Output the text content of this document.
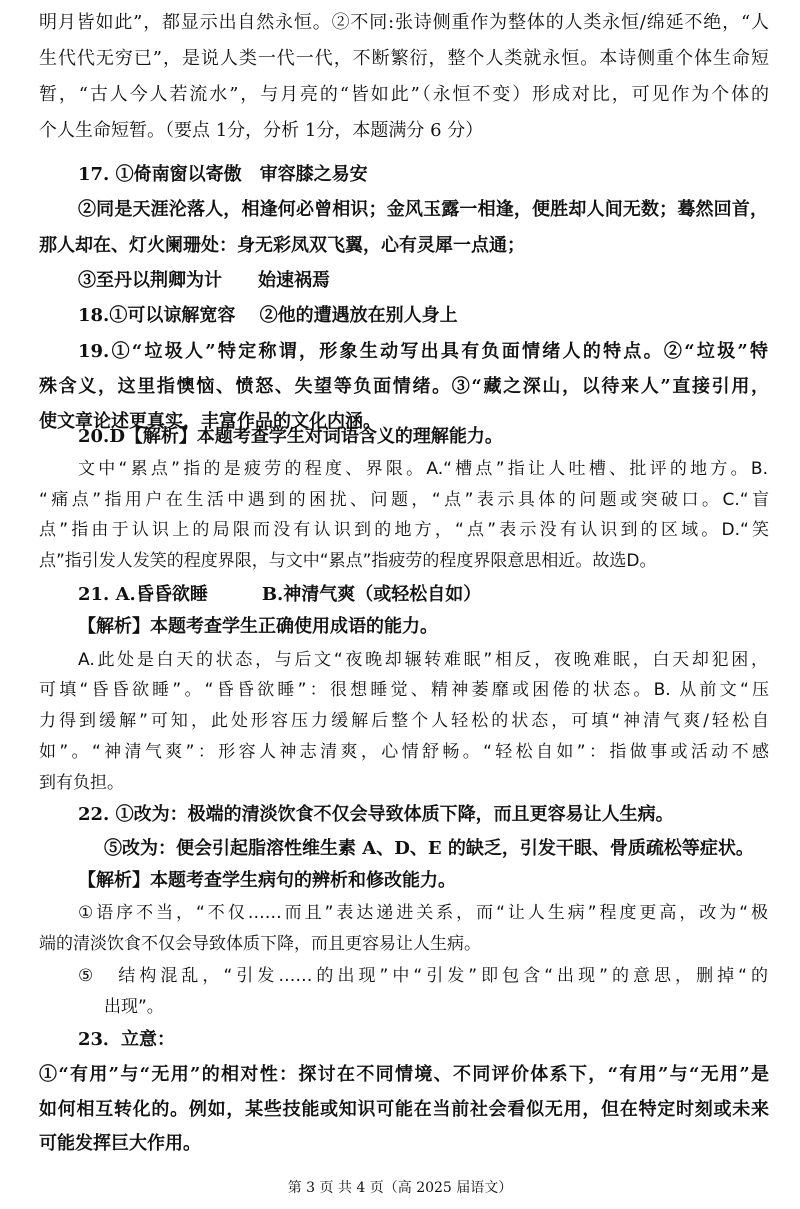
明月皆如此”，都显示出自然永恒。②不同:张诗侧重作为整体的人类永恒/绵延不绝，“人
生代代无穷已”，是说人类一代一代，不断繁衍，整个人类就永恒。本诗侧重个体生命短
暂，“古人今人若流水”，与月亮的“皆如此”（永恒不变）形成对比，可见作为个体的
个人生命短暂。（要点 1分，分析 1分，本题满分 6 分）
17. ①倚南窗以寄傲　审容膝之易安
②同是天涯沦落人，相逢何必曾相识；金风玉露一相逢，便胜却人间无数；蓦然回首，
那人却在、灯火阑珊处：身无彩凤双飞翼，心有灵犀一点通；
③至丹以荆卿为计　　始速祸焉
18.①可以谅解宽容　 ②他的遭遇放在别人身上
19.①“垃圾人”特定称谓，形象生动写出具有负面情绪人的特点。②“垃圾”特
殊含义，这里指懊恼、愤怒、失望等负面情绪。③“藏之深山，以待来人”直接引用，
使文章论述更真实，丰富作品的文化内涵。
20.D【解析】本题考查学生对词语含义的理解能力。
文中“累点”指的是疲劳的程度、界限。A.“槽点”指让人吐槽、批评的地方。B.
“痛点”指用户在生活中遇到的困扰、问题，“点”表示具体的问题或突破口。C.“盲
点”指由于认识上的局限而没有认识到的地方，“点”表示没有认识到的区域。D.“笑
点”指引发人发笑的程度界限，与文中“累点”指疲劳的程度界限意思相近。故选D。
21. A.昏昏欲睡　　　B.神清气爽（或轻松自如）
【解析】本题考查学生正确使用成语的能力。
A.此处是白天的状态，与后文“夜晚却辗转难眠”相反，夜晚难眠，白天却犯困，
可填“昏昏欲睡”。“昏昏欲睡”：很想睡觉、精神萎靡或困倦的状态。B. 从前文“压
力得到缓解”可知，此处形容压力缓解后整个人轻松的状态，可填“神清气爽/轻松自
如”。“神清气爽”：形容人神志清爽，心情舒畅。“轻松自如”：指做事或活动不感
到有负担。
22. ①改为：极端的清淡饮食不仅会导致体质下降，而且更容易让人生病。
⑤改为：便会引起脂溶性维生素 A、D、E 的缺乏，引发干眼、骨质疏松等症状。
【解析】本题考查学生病句的辨析和修改能力。
①语序不当，“不仅……而且”表达递进关系，而“让人生病”程度更高，改为“极
端的清淡饮食不仅会导致体质下降，而且更容易让人生病。
⑤　结构混乱，“引发……的出现”中“引发”即包含“出现”的意思，删掉“的
出现”。
23．立意：
①“有用”与“无用”的相对性：探讨在不同情境、不同评价体系下，“有用”与“无用”是
如何相互转化的。例如，某些技能或知识可能在当前社会看似无用，但在特定时刻或未来
可能发挥巨大作用。
第 3 页 共 4 页（高 2025 届语文）
